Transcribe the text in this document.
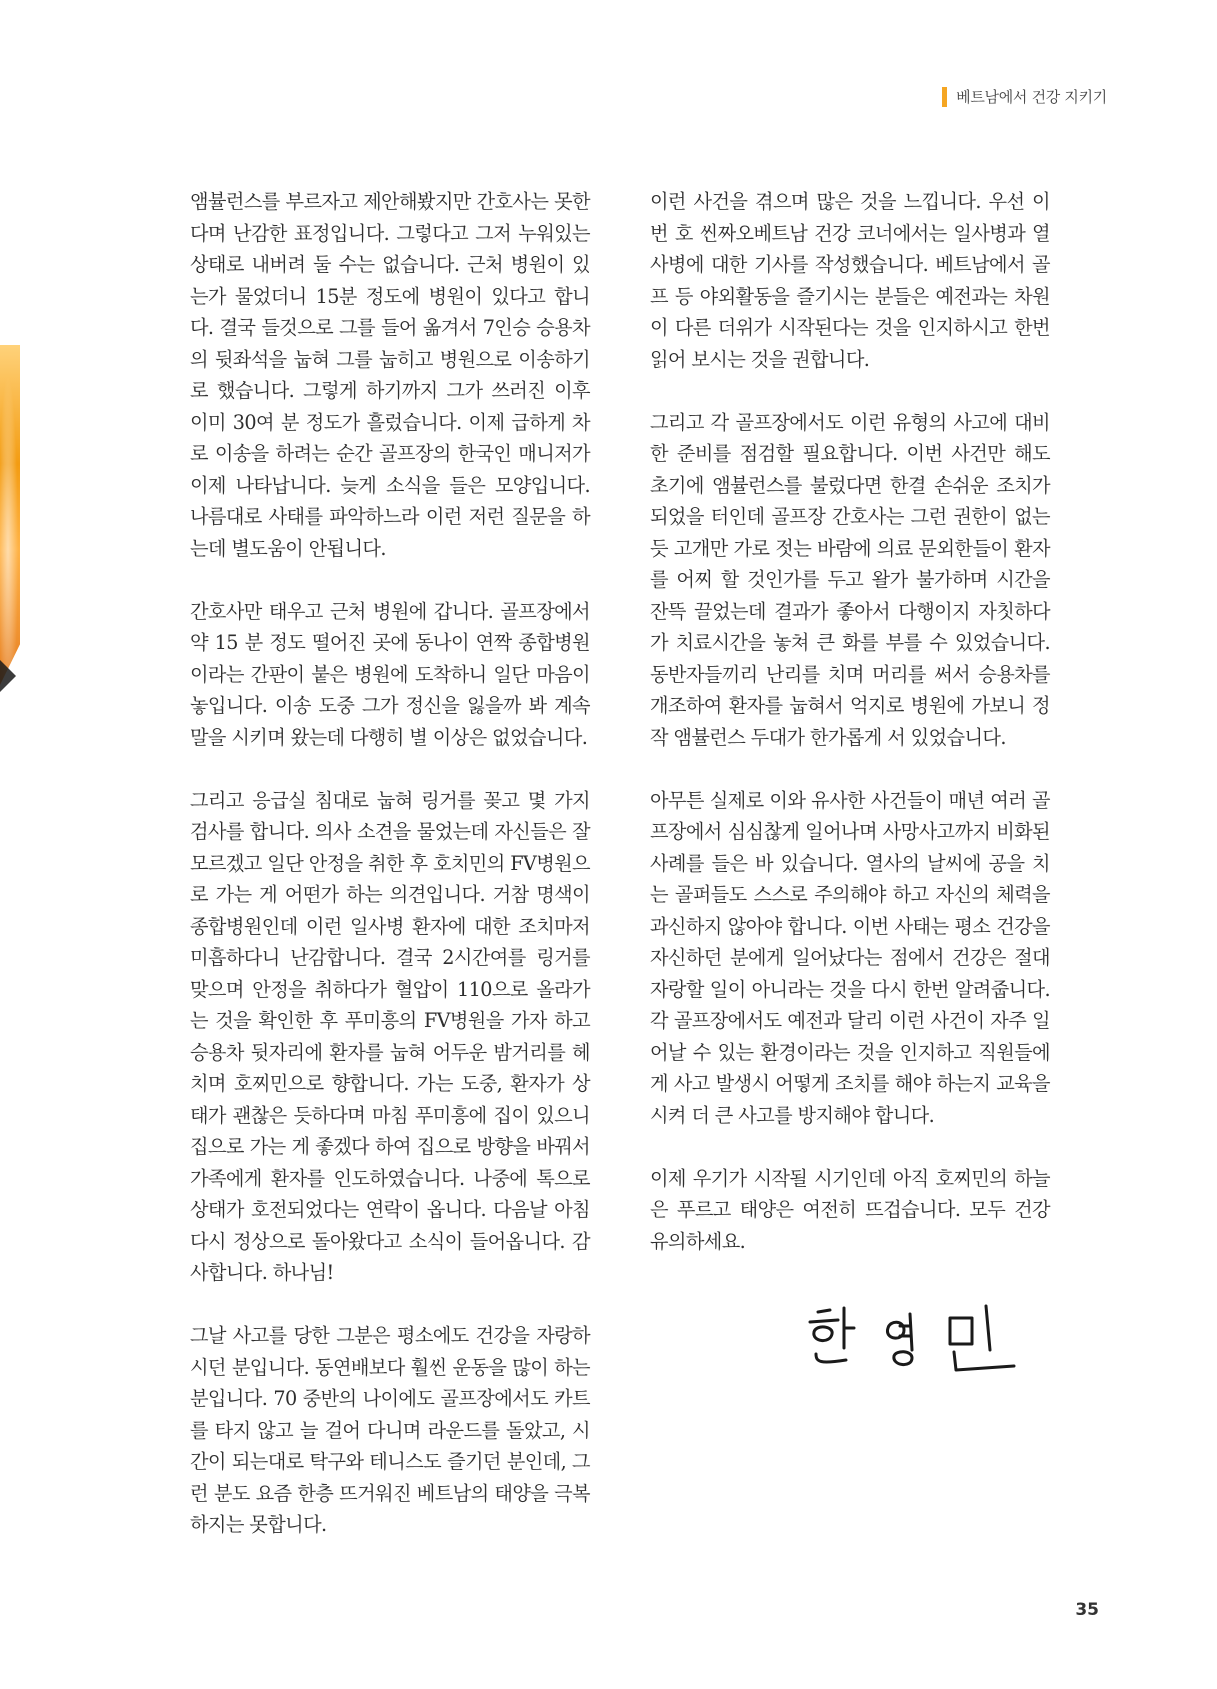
베트남에서 건강 지키기

앰뷸런스를 부르자고 제안해봤지만 간호사는 못한다며 난감한 표정입니다. 그렇다고 그저 누워있는 상태로 내버려 둘 수는 없습니다. 근처 병원이 있는가 물었더니 15분 정도에 병원이 있다고 합니다. 결국 들것으로 그를 들어 옮겨서 7인승 승용차의 뒷좌석을 눕혀 그를 눕히고 병원으로 이송하기로 했습니다. 그렇게 하기까지 그가 쓰러진 이후 이미 30여 분 정도가 흘렀습니다. 이제 급하게 차로 이송을 하려는 순간 골프장의 한국인 매니저가 이제 나타납니다. 늦게 소식을 들은 모양입니다. 나름대로 사태를 파악하느라 이런 저런 질문을 하는데 별도움이 안됩니다.

간호사만 태우고 근처 병원에 갑니다. 골프장에서 약 15 분 정도 떨어진 곳에 동나이 연짝 종합병원이라는 간판이 붙은 병원에 도착하니 일단 마음이 놓입니다. 이송 도중 그가 정신을 잃을까 봐 계속 말을 시키며 왔는데 다행히 별 이상은 없었습니다.

그리고 응급실 침대로 눕혀 링거를 꽂고 몇 가지 검사를 합니다. 의사 소견을 물었는데 자신들은 잘 모르겠고 일단 안정을 취한 후 호치민의 FV병원으로 가는 게 어떤가 하는 의견입니다. 거참 명색이 종합병원인데 이런 일사병 환자에 대한 조치마저 미흡하다니 난감합니다. 결국 2시간여를 링거를 맞으며 안정을 취하다가 혈압이 110으로 올라가는 것을 확인한 후 푸미흥의 FV병원을 가자 하고 승용차 뒷자리에 환자를 눕혀 어두운 밤거리를 헤치며 호찌민으로 향합니다. 가는 도중, 환자가 상태가 괜찮은 듯하다며 마침 푸미흥에 집이 있으니 집으로 가는 게 좋겠다 하여 집으로 방향을 바꿔서 가족에게 환자를 인도하였습니다. 나중에 톡으로 상태가 호전되었다는 연락이 옵니다. 다음날 아침 다시 정상으로 돌아왔다고 소식이 들어옵니다. 감사합니다. 하나님!

그날 사고를 당한 그분은 평소에도 건강을 자랑하시던 분입니다. 동연배보다 훨씬 운동을 많이 하는 분입니다. 70 중반의 나이에도 골프장에서도 카트를 타지 않고 늘 걸어 다니며 라운드를 돌았고, 시간이 되는대로 탁구와 테니스도 즐기던 분인데, 그런 분도 요즘 한층 뜨거워진 베트남의 태양을 극복하지는 못합니다.

이런 사건을 겪으며 많은 것을 느낍니다. 우선 이번 호 씬짜오베트남 건강 코너에서는 일사병과 열사병에 대한 기사를 작성했습니다. 베트남에서 골프 등 야외활동을 즐기시는 분들은 예전과는 차원이 다른 더위가 시작된다는 것을 인지하시고 한번 읽어 보시는 것을 권합니다.

그리고 각 골프장에서도 이런 유형의 사고에 대비한 준비를 점검할 필요합니다. 이번 사건만 해도 초기에 앰뷸런스를 불렀다면 한결 손쉬운 조치가 되었을 터인데 골프장 간호사는 그런 권한이 없는 듯 고개만 가로 젓는 바람에 의료 문외한들이 환자를 어찌 할 것인가를 두고 왈가 불가하며 시간을 잔뜩 끌었는데 결과가 좋아서 다행이지 자칫하다가 치료시간을 놓쳐 큰 화를 부를 수 있었습니다. 동반자들끼리 난리를 치며 머리를 써서 승용차를 개조하여 환자를 눕혀서 억지로 병원에 가보니 정작 앰뷸런스 두대가 한가롭게 서 있었습니다.

아무튼 실제로 이와 유사한 사건들이 매년 여러 골프장에서 심심찮게 일어나며 사망사고까지 비화된 사례를 들은 바 있습니다. 열사의 날씨에 공을 치는 골퍼들도 스스로 주의해야 하고 자신의 체력을 과신하지 않아야 합니다. 이번 사태는 평소 건강을 자신하던 분에게 일어났다는 점에서 건강은 절대 자랑할 일이 아니라는 것을 다시 한번 알려줍니다. 각 골프장에서도 예전과 달리 이런 사건이 자주 일어날 수 있는 환경이라는 것을 인지하고 직원들에게 사고 발생시 어떻게 조치를 해야 하는지 교육을 시켜 더 큰 사고를 방지해야 합니다.

이제 우기가 시작될 시기인데 아직 호찌민의 하늘은 푸르고 태양은 여전히 뜨겁습니다. 모두 건강 유의하세요.

35
